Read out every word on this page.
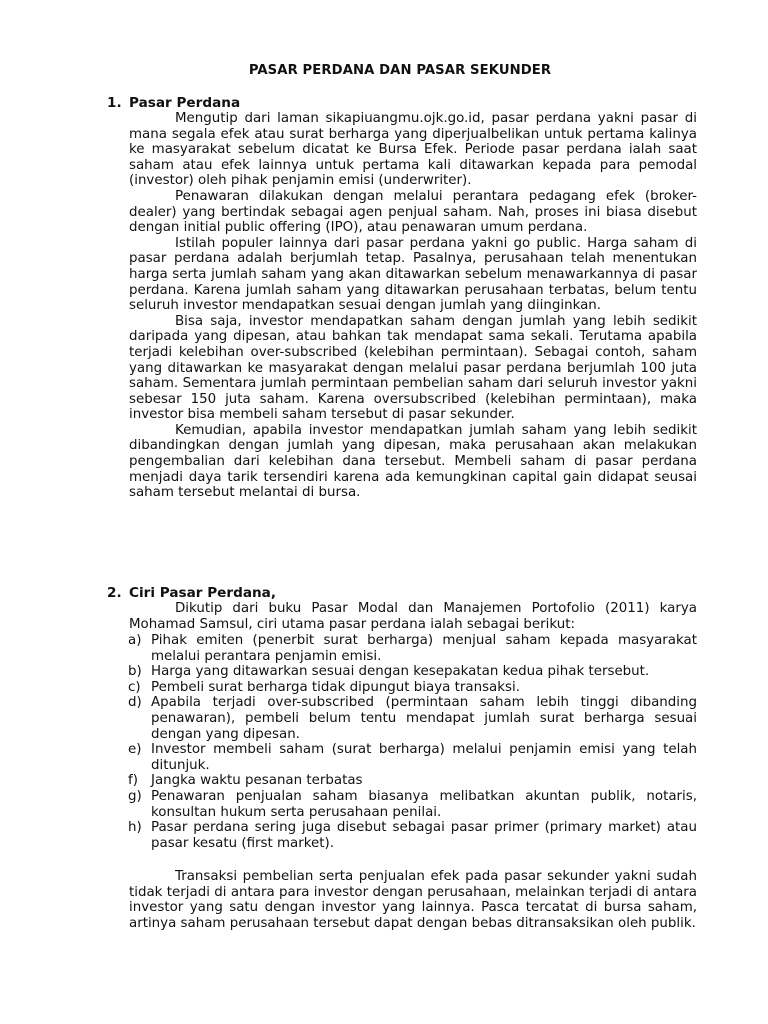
PASAR PERDANA DAN PASAR SEKUNDER
1. Pasar Perdana

Mengutip dari laman sikapiuangmu.ojk.go.id, pasar perdana yakni pasar di mana segala efek atau surat berharga yang diperjualbelikan untuk pertama kalinya ke masyarakat sebelum dicatat ke Bursa Efek. Periode pasar perdana ialah saat saham atau efek lainnya untuk pertama kali ditawarkan kepada para pemodal (investor) oleh pihak penjamin emisi (underwriter).

Penawaran dilakukan dengan melalui perantara pedagang efek (broker-dealer) yang bertindak sebagai agen penjual saham. Nah, proses ini biasa disebut dengan initial public offering (IPO), atau penawaran umum perdana.

Istilah populer lainnya dari pasar perdana yakni go public. Harga saham di pasar perdana adalah berjumlah tetap. Pasalnya, perusahaan telah menentukan harga serta jumlah saham yang akan ditawarkan sebelum menawarkannya di pasar perdana. Karena jumlah saham yang ditawarkan perusahaan terbatas, belum tentu seluruh investor mendapatkan sesuai dengan jumlah yang diinginkan.

Bisa saja, investor mendapatkan saham dengan jumlah yang lebih sedikit daripada yang dipesan, atau bahkan tak mendapat sama sekali. Terutama apabila terjadi kelebihan over-subscribed (kelebihan permintaan). Sebagai contoh, saham yang ditawarkan ke masyarakat dengan melalui pasar perdana berjumlah 100 juta saham. Sementara jumlah permintaan pembelian saham dari seluruh investor yakni sebesar 150 juta saham. Karena oversubscribed (kelebihan permintaan), maka investor bisa membeli saham tersebut di pasar sekunder.

Kemudian, apabila investor mendapatkan jumlah saham yang lebih sedikit dibandingkan dengan jumlah yang dipesan, maka perusahaan akan melakukan pengembalian dari kelebihan dana tersebut. Membeli saham di pasar perdana menjadi daya tarik tersendiri karena ada kemungkinan capital gain didapat seusai saham tersebut melantai di bursa.

2. Ciri Pasar Perdana,

Dikutip dari buku Pasar Modal dan Manajemen Portofolio (2011) karya Mohamad Samsul, ciri utama pasar perdana ialah sebagai berikut:

a) Pihak emiten (penerbit surat berharga) menjual saham kepada masyarakat melalui perantara penjamin emisi.
b) Harga yang ditawarkan sesuai dengan kesepakatan kedua pihak tersebut.
c) Pembeli surat berharga tidak dipungut biaya transaksi.
d) Apabila terjadi over-subscribed (permintaan saham lebih tinggi dibanding penawaran), pembeli belum tentu mendapat jumlah surat berharga sesuai dengan yang dipesan.
e) Investor membeli saham (surat berharga) melalui penjamin emisi yang telah ditunjuk.
f) Jangka waktu pesanan terbatas
g) Penawaran penjualan saham biasanya melibatkan akuntan publik, notaris, konsultan hukum serta perusahaan penilai.
h) Pasar perdana sering juga disebut sebagai pasar primer (primary market) atau pasar kesatu (first market).

Transaksi pembelian serta penjualan efek pada pasar sekunder yakni sudah tidak terjadi di antara para investor dengan perusahaan, melainkan terjadi di antara investor yang satu dengan investor yang lainnya. Pasca tercatat di bursa saham, artinya saham perusahaan tersebut dapat dengan bebas ditransaksikan oleh publik.
